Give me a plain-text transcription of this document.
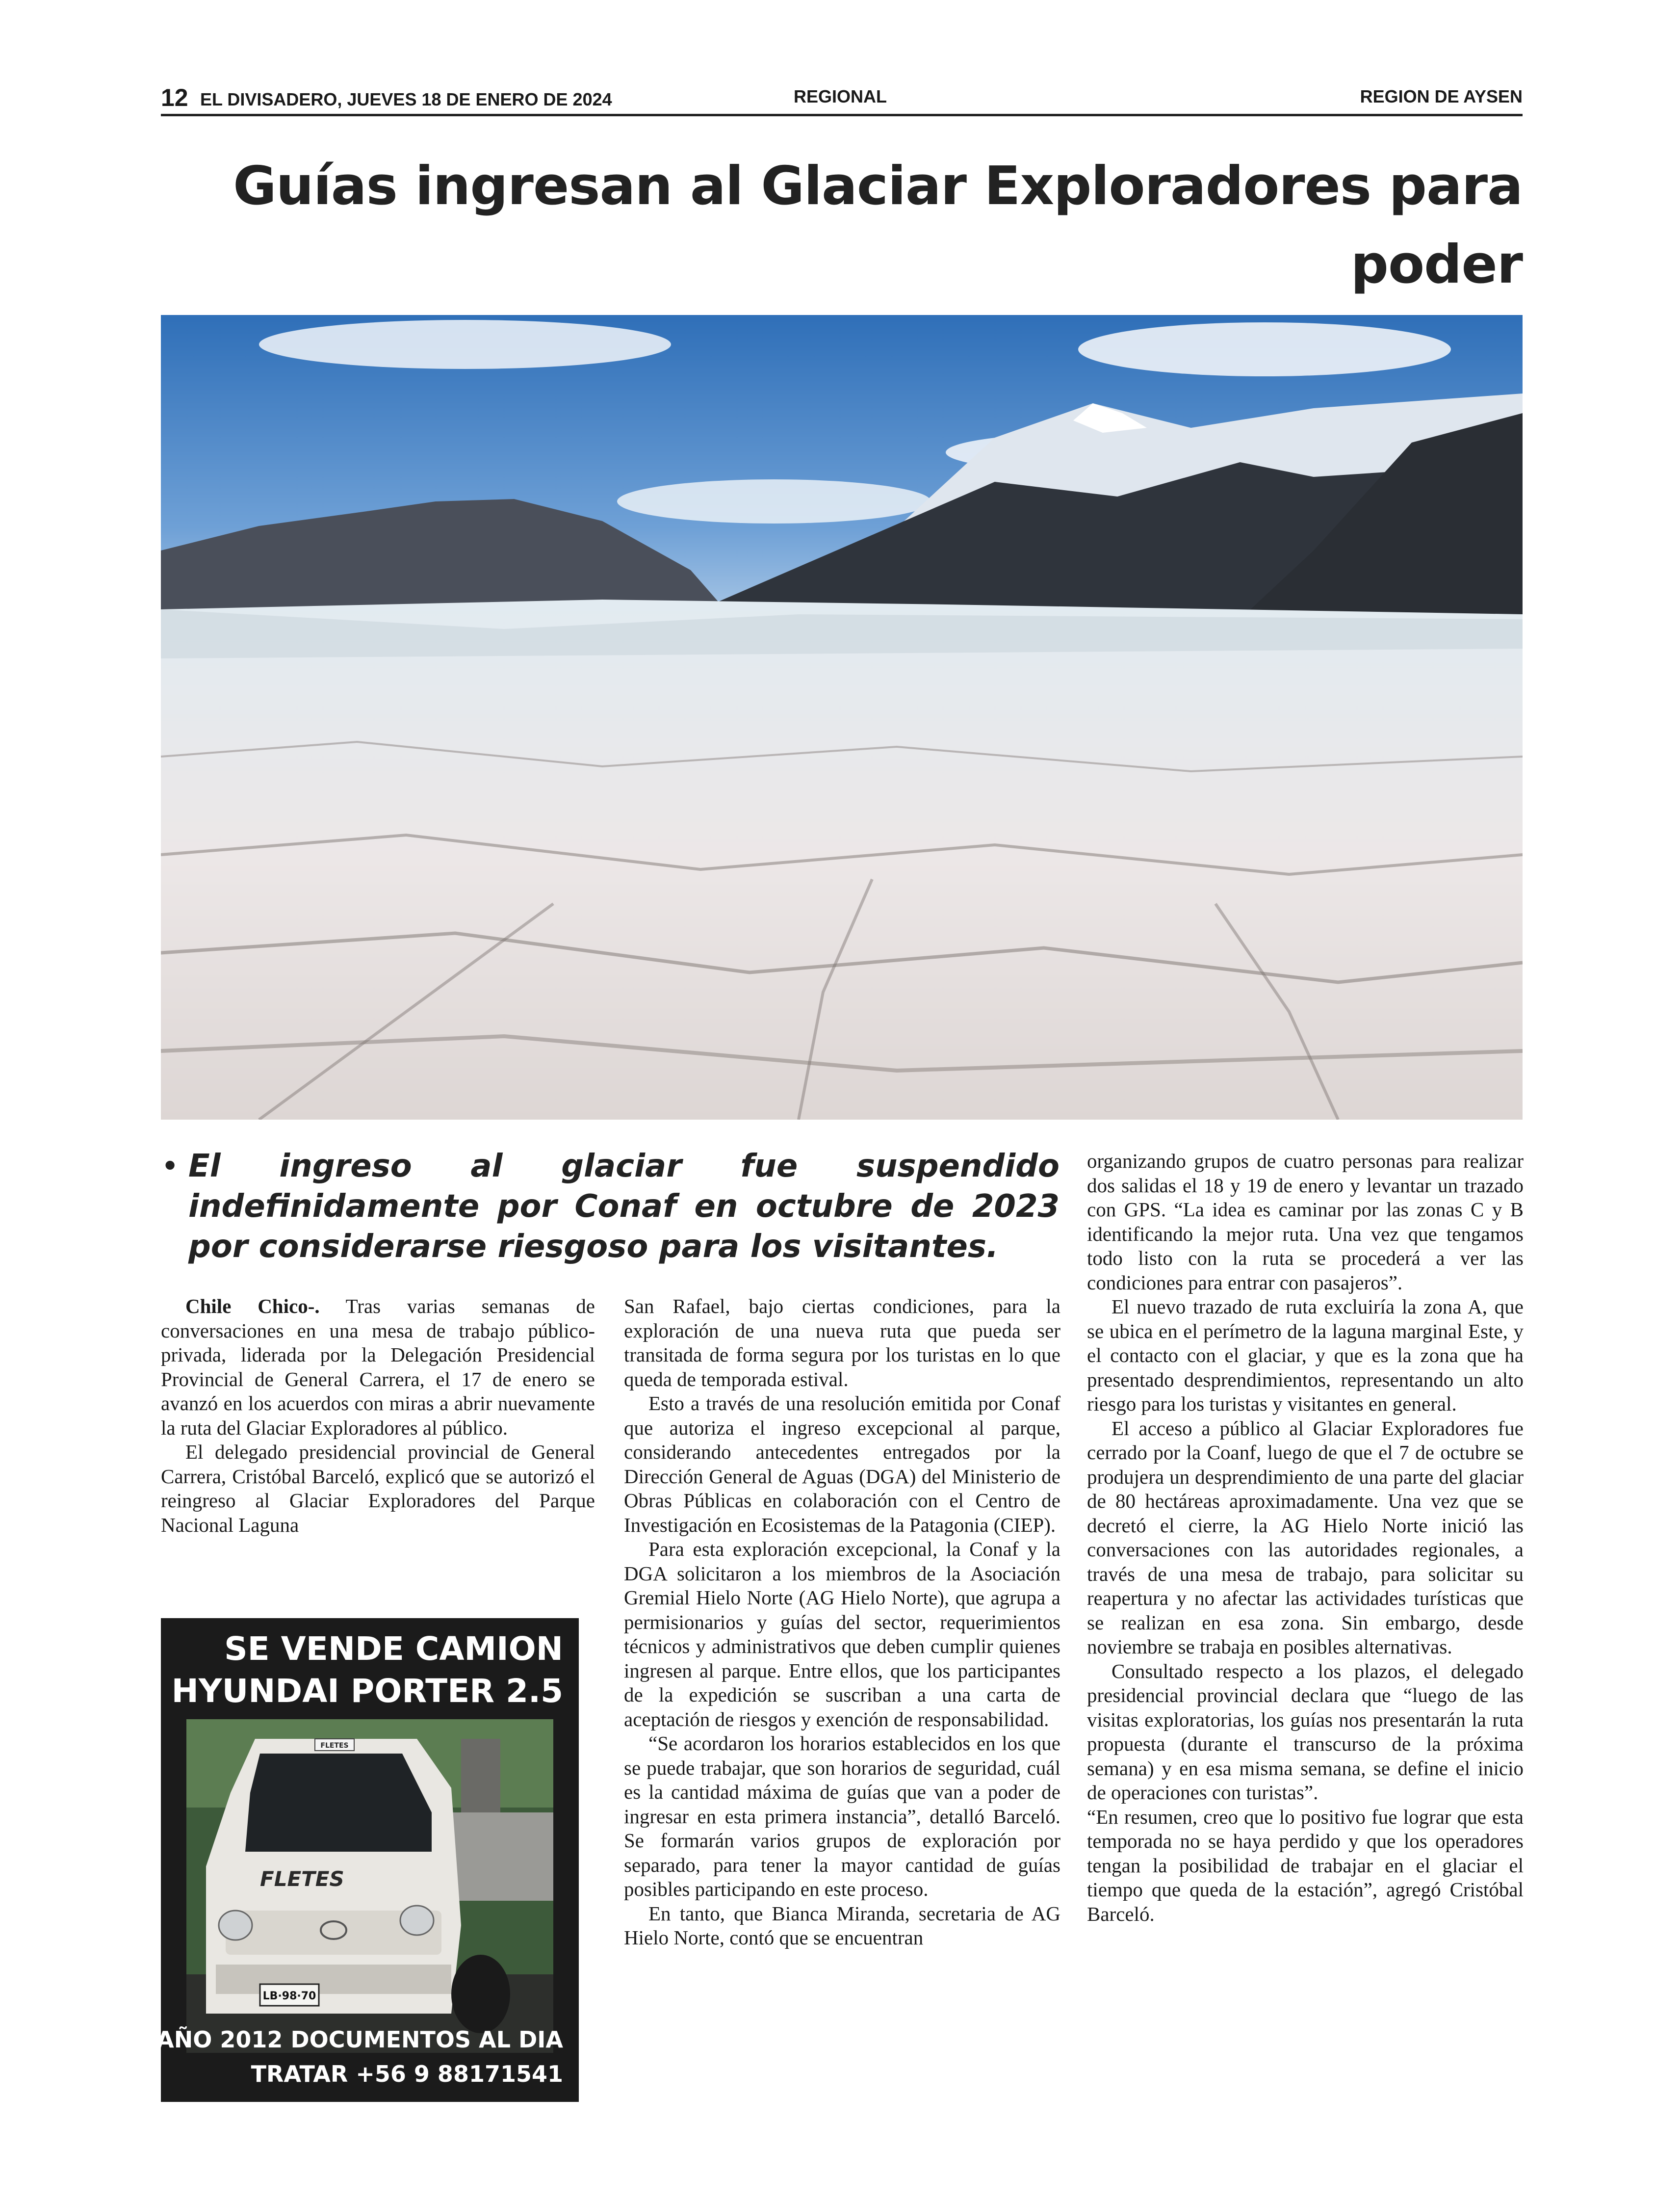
12 EL DIVISADERO, JUEVES 18 DE ENERO DE 2024	REGIONAL	REGION DE AYSEN
Guías ingresan al Glaciar Exploradores para poder
• El ingreso al glaciar fue suspendido indefinidamente por Conaf en octubre de 2023 por considerarse riesgoso para los visitantes.

Chile Chico-. Tras varias semanas de conversaciones en una mesa de trabajo público-privada, liderada por la Delegación Presidencial Provincial de General Carrera, el 17 de enero se avanzó en los acuerdos con miras a abrir nuevamente la ruta del Glaciar Exploradores al público.

El delegado presidencial provincial de General Carrera, Cristóbal Barceló, explicó que se autorizó el reingreso al Glaciar Exploradores del Parque Nacional Laguna

San Rafael, bajo ciertas condiciones, para la exploración de una nueva ruta que pueda ser transitada de forma segura por los turistas en lo que queda de temporada estival.

Esto a través de una resolución emitida por Conaf que autoriza el ingreso excepcional al parque, considerando antecedentes entregados por la Dirección General de Aguas (DGA) del Ministerio de Obras Públicas en colaboración con el Centro de Investigación en Ecosistemas de la Patagonia (CIEP).

Para esta exploración excepcional, la Conaf y la DGA solicitaron a los miembros de la Asociación Gremial Hielo Norte (AG Hielo Norte), que agrupa a permisionarios y guías del sector, requerimientos técnicos y administrativos que deben cumplir quienes ingresen al parque. Entre ellos, que los participantes de la expedición se suscriban a una carta de aceptación de riesgos y exención de responsabilidad.

“Se acordaron los horarios establecidos en los que se puede trabajar, que son horarios de seguridad, cuál es la cantidad máxima de guías que van a poder de ingresar en esta primera instancia”, detalló Barceló. Se formarán varios grupos de exploración por separado, para tener la mayor cantidad de guías posibles participando en este proceso.

En tanto, que Bianca Miranda, secretaria de AG Hielo Norte, contó que se encuentran

organizando grupos de cuatro personas para realizar dos salidas el 18 y 19 de enero y levantar un trazado con GPS. “La idea es caminar por las zonas C y B identificando la mejor ruta. Una vez que tengamos todo listo con la ruta se procederá a ver las condiciones para entrar con pasajeros”.

El nuevo trazado de ruta excluiría la zona A, que se ubica en el perímetro de la laguna marginal Este, y el contacto con el glaciar, y que es la zona que ha presentado desprendimientos, representando un alto riesgo para los turistas y visitantes en general.

El acceso a público al Glaciar Exploradores fue cerrado por la Coanf, luego de que el 7 de octubre se produjera un desprendimiento de una parte del glaciar de 80 hectáreas aproximadamente. Una vez que se decretó el cierre, la AG Hielo Norte inició las conversaciones con las autoridades regionales, a través de una mesa de trabajo, para solicitar su reapertura y no afectar las actividades turísticas que se realizan en esa zona. Sin embargo, desde noviembre se trabaja en posibles alternativas.

Consultado respecto a los plazos, el delegado presidencial provincial declara que “luego de las visitas exploratorias, los guías nos presentarán la ruta propuesta (durante el transcurso de la próxima semana) y en esa misma semana, se define el inicio de operaciones con turistas”.

“En resumen, creo que lo positivo fue lograr que esta temporada no se haya perdido y que los operadores tengan la posibilidad de trabajar en el glaciar el tiempo que queda de la estación”, agregó Cristóbal Barceló.

SE VENDE CAMION
HYUNDAI PORTER 2.5
FLETES
FLETES
LB·98·70
DIESEL, AÑO 2012 DOCUMENTOS AL DIA
TRATAR +56 9 88171541
